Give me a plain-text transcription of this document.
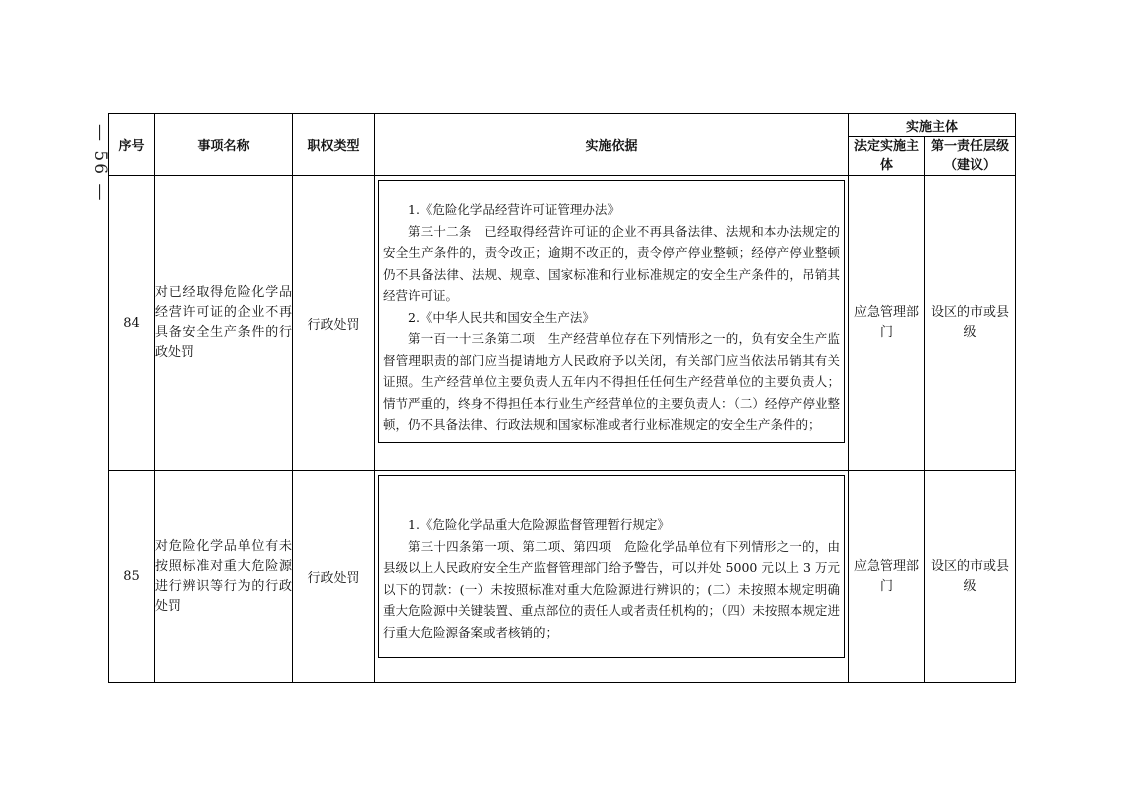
— 56 — 序号	事项名称	职权类型	实施依据	实施主体	
				法定实施主体	第一责任层级（建议）
84	对已经取得危险化学品经营许可证的企业不再具备安全生产条件的行政处罚	行政处罚	1.《危险化学品经营许可证管理办法》

第三十二条　已经取得经营许可证的企业不再具备法律、法规和本办法规定的安全生产条件的，责令改正；逾期不改正的，责令停产停业整顿；经停产停业整顿仍不具备法律、法规、规章、国家标准和行业标准规定的安全生产条件的，吊销其经营许可证。

2.《中华人民共和国安全生产法》

第一百一十三条第二项　生产经营单位存在下列情形之一的，负有安全生产监督管理职责的部门应当提请地方人民政府予以关闭，有关部门应当依法吊销其有关证照。生产经营单位主要负责人五年内不得担任任何生产经营单位的主要负责人；情节严重的，终身不得担任本行业生产经营单位的主要负责人：（二）经停产停业整顿，仍不具备法律、行政法规和国家标准或者行业标准规定的安全生产条件的；	应急管理部门	设区的市或县级
85	对危险化学品单位有未按照标准对重大危险源进行辨识等行为的行政处罚	行政处罚	1.《危险化学品重大危险源监督管理暂行规定》

第三十四条第一项、第二项、第四项　危险化学品单位有下列情形之一的，由县级以上人民政府安全生产监督管理部门给予警告，可以并处 5000 元以上 3 万元以下的罚款：(一）未按照标准对重大危险源进行辨识的；(二）未按照本规定明确重大危险源中关键装置、重点部位的责任人或者责任机构的；（四）未按照本规定进行重大危险源备案或者核销的；	应急管理部门	设区的市或县级
